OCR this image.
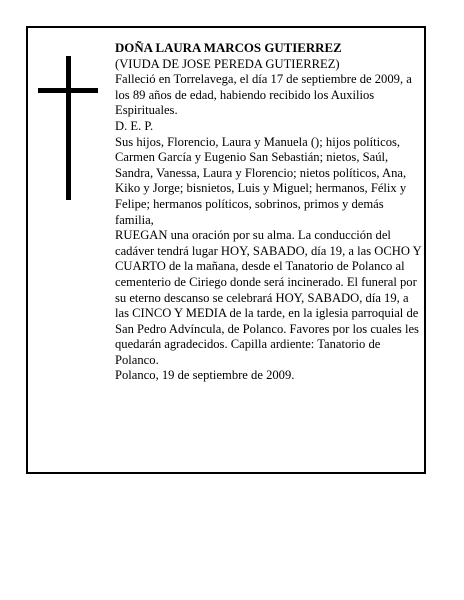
DOÑA LAURA MARCOS GUTIERREZ

(VIUDA DE JOSE PEREDA GUTIERREZ)

Falleció en Torrelavega, el día 17 de septiembre de 2009, a los 89 años de edad, habiendo recibido los Auxilios Espirituales.

D. E. P.

Sus hijos, Florencio, Laura y Manuela (); hijos políticos, Carmen García y Eugenio San Sebastián; nietos, Saúl, Sandra, Vanessa, Laura y Florencio; nietos políticos, Ana, Kiko y Jorge; bisnietos, Luis y Miguel; hermanos, Félix y Felipe; hermanos políticos, sobrinos, primos y demás familia,

RUEGAN una oración por su alma. La conducción del cadáver tendrá lugar HOY, SABADO, día 19, a las OCHO Y CUARTO de la mañana, desde el Tanatorio de Polanco al cementerio de Ciriego donde será incinerado. El funeral por su eterno descanso se celebrará HOY, SABADO, día 19, a las CINCO Y MEDIA de la tarde, en la iglesia parroquial de San Pedro Advíncula, de Polanco. Favores por los cuales les quedarán agradecidos. Capilla ardiente: Tanatorio de Polanco.

Polanco, 19 de septiembre de 2009.
